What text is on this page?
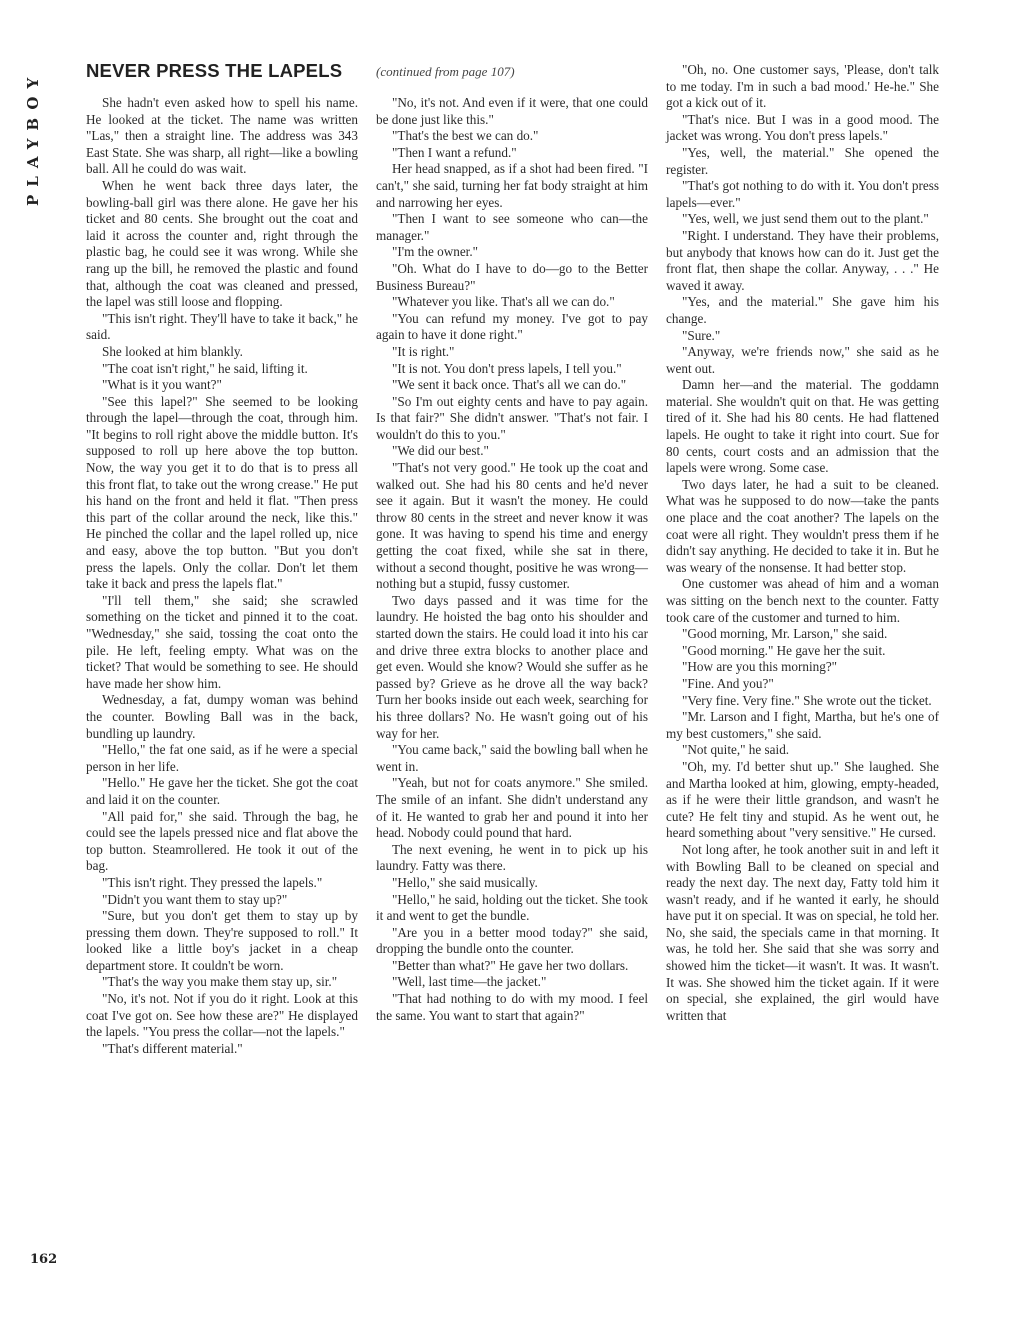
PLAYBOY NEVER PRESS THE LAPELS	(continued from page 107)

She hadn't even asked how to spell his name. He looked at the ticket. The name was written "Las," then a straight line. The address was 343 East State. She was sharp, all right—like a bowling ball. All he could do was wait.

When he went back three days later, the bowling-ball girl was there alone. He gave her his ticket and 80 cents. She brought out the coat and laid it across the counter and, right through the plastic bag, he could see it was wrong. While she rang up the bill, he removed the plastic and found that, although the coat was cleaned and pressed, the lapel was still loose and flopping.

"This isn't right. They'll have to take it back," he said.

She looked at him blankly.

"The coat isn't right," he said, lifting it.

"What is it you want?"

"See this lapel?" She seemed to be looking through the lapel—through the coat, through him. "It begins to roll right above the middle button. It's supposed to roll up here above the top button. Now, the way you get it to do that is to press all this front flat, to take out the wrong crease." He put his hand on the front and held it flat. "Then press this part of the collar around the neck, like this." He pinched the collar and the lapel rolled up, nice and easy, above the top button. "But you don't press the lapels. Only the collar. Don't let them take it back and press the lapels flat."

"I'll tell them," she said; she scrawled something on the ticket and pinned it to the coat. "Wednesday," she said, tossing the coat onto the pile. He left, feeling empty. What was on the ticket? That would be something to see. He should have made her show him.

Wednesday, a fat, dumpy woman was behind the counter. Bowling Ball was in the back, bundling up laundry.

"Hello," the fat one said, as if he were a special person in her life.

"Hello." He gave her the ticket. She got the coat and laid it on the counter.

"All paid for," she said. Through the bag, he could see the lapels pressed nice and flat above the top button. Steamrollered. He took it out of the bag.

"This isn't right. They pressed the lapels."

"Didn't you want them to stay up?"

"Sure, but you don't get them to stay up by pressing them down. They're supposed to roll." It looked like a little boy's jacket in a cheap department store. It couldn't be worn.

"That's the way you make them stay up, sir."

"No, it's not. Not if you do it right. Look at this coat I've got on. See how these are?" He displayed the lapels. "You press the collar—not the lapels."

"That's different material."

"No, it's not. And even if it were, that one could be done just like this."

"That's the best we can do."

"Then I want a refund."

Her head snapped, as if a shot had been fired. "I can't," she said, turning her fat body straight at him and narrowing her eyes.

"Then I want to see someone who can—the manager."

"I'm the owner."

"Oh. What do I have to do—go to the Better Business Bureau?"

"Whatever you like. That's all we can do."

"You can refund my money. I've got to pay again to have it done right."

"It is right."

"It is not. You don't press lapels, I tell you."

"We sent it back once. That's all we can do."

"So I'm out eighty cents and have to pay again. Is that fair?" She didn't answer. "That's not fair. I wouldn't do this to you."

"We did our best."

"That's not very good." He took up the coat and walked out. She had his 80 cents and he'd never see it again. But it wasn't the money. He could throw 80 cents in the street and never know it was gone. It was having to spend his time and energy getting the coat fixed, while she sat in there, without a second thought, positive he was wrong—nothing but a stupid, fussy customer.

Two days passed and it was time for the laundry. He hoisted the bag onto his shoulder and started down the stairs. He could load it into his car and drive three extra blocks to another place and get even. Would she know? Would she suffer as he passed by? Grieve as he drove all the way back? Turn her books inside out each week, searching for his three dollars? No. He wasn't going out of his way for her.

"You came back," said the bowling ball when he went in.

"Yeah, but not for coats anymore." She smiled. The smile of an infant. She didn't understand any of it. He wanted to grab her and pound it into her head. Nobody could pound that hard.

The next evening, he went in to pick up his laundry. Fatty was there.

"Hello," she said musically.

"Hello," he said, holding out the ticket. She took it and went to get the bundle.

"Are you in a better mood today?" she said, dropping the bundle onto the counter.

"Better than what?" He gave her two dollars.

"Well, last time—the jacket."

"That had nothing to do with my mood. I feel the same. You want to start that again?"

"Oh, no. One customer says, 'Please, don't talk to me today. I'm in such a bad mood.' He-he." She got a kick out of it.

"That's nice. But I was in a good mood. The jacket was wrong. You don't press lapels."

"Yes, well, the material." She opened the register.

"That's got nothing to do with it. You don't press lapels—ever."

"Yes, well, we just send them out to the plant."

"Right. I understand. They have their problems, but anybody that knows how can do it. Just get the front flat, then shape the collar. Anyway, . . ." He waved it away.

"Yes, and the material." She gave him his change.

"Sure."

"Anyway, we're friends now," she said as he went out.

Damn her—and the material. The goddamn material. She wouldn't quit on that. He was getting tired of it. She had his 80 cents. He had flattened lapels. He ought to take it right into court. Sue for 80 cents, court costs and an admission that the lapels were wrong. Some case.

Two days later, he had a suit to be cleaned. What was he supposed to do now—take the pants one place and the coat another? The lapels on the coat were all right. They wouldn't press them if he didn't say anything. He decided to take it in. But he was weary of the nonsense. It had better stop.

One customer was ahead of him and a woman was sitting on the bench next to the counter. Fatty took care of the customer and turned to him.

"Good morning, Mr. Larson," she said.

"Good morning." He gave her the suit.

"How are you this morning?"

"Fine. And you?"

"Very fine. Very fine." She wrote out the ticket.

"Mr. Larson and I fight, Martha, but he's one of my best customers," she said.

"Not quite," he said.

"Oh, my. I'd better shut up." She laughed. She and Martha looked at him, glowing, empty-headed, as if he were their little grandson, and wasn't he cute? He felt tiny and stupid. As he went out, he heard something about "very sensitive." He cursed.

Not long after, he took another suit in and left it with Bowling Ball to be cleaned on special and ready the next day. The next day, Fatty told him it wasn't ready, and if he wanted it early, he should have put it on special. It was on special, he told her. No, she said, the specials came in that morning. It was, he told her. She said that she was sorry and showed him the ticket—it wasn't. It was. It wasn't. It was. She showed him the ticket again. If it were on special, she explained, the girl would have written that

162
